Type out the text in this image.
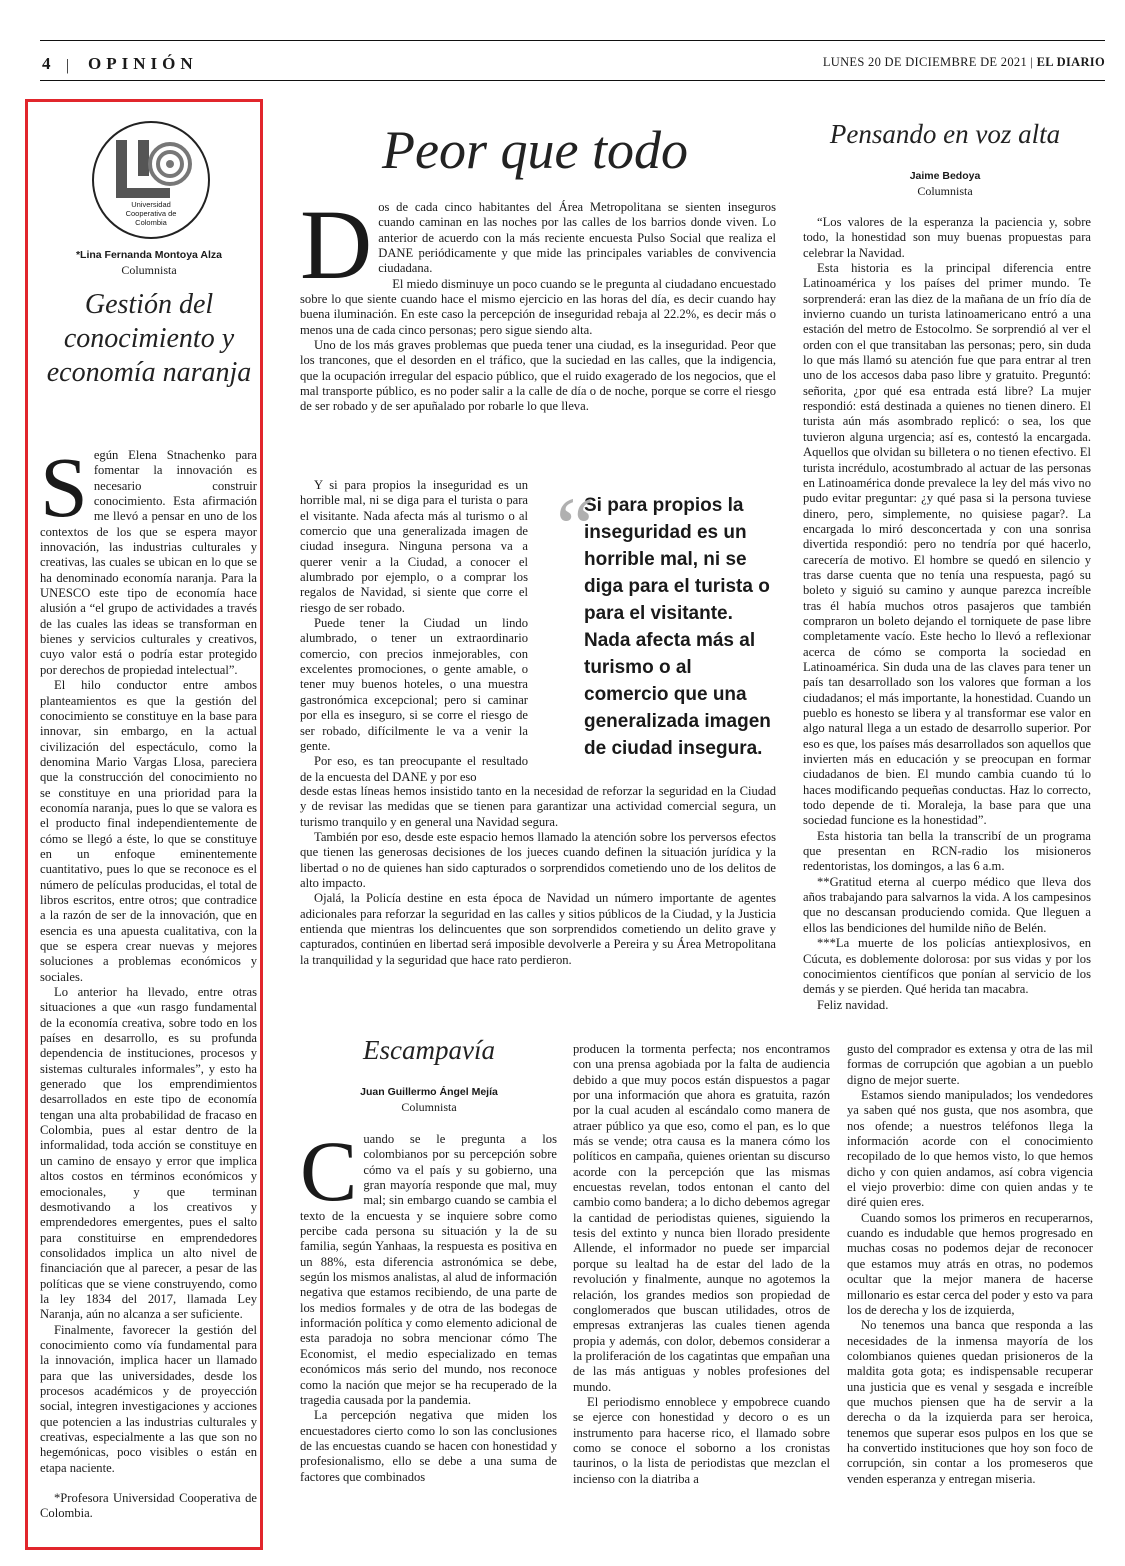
4 | OPINIÓN	LUNES 20 DE DICIEMBRE DE 2021 | EL DIARIO
Universidad Cooperativa de Colombia
*Lina Fernanda Montoya Alza
Columnista
Gestión del conocimiento y economía naranja

Según Elena Stnachenko para fomentar la innovación es necesario construir conocimiento. Esta afirmación me llevó a pensar en uno de los contextos de los que se espera mayor innovación, las industrias culturales y creativas, las cuales se ubican en lo que se ha denominado economía naranja. Para la UNESCO este tipo de economía hace alusión a “el grupo de actividades a través de las cuales las ideas se transforman en bienes y servicios culturales y creativos, cuyo valor está o podría estar protegido por derechos de propiedad intelectual”.

El hilo conductor entre ambos planteamientos es que la gestión del conocimiento se constituye en la base para innovar, sin embargo, en la actual civilización del espectáculo, como la denomina Mario Vargas Llosa, pareciera que la construcción del conocimiento no se constituye en una prioridad para la economía naranja, pues lo que se valora es el producto final independientemente de cómo se llegó a éste, lo que se constituye en un enfoque eminentemente cuantitativo, pues lo que se reconoce es el número de películas producidas, el total de libros escritos, entre otros; que contradice a la razón de ser de la innovación, que en esencia es una apuesta cualitativa, con la que se espera crear nuevas y mejores soluciones a problemas económicos y sociales.

Lo anterior ha llevado, entre otras situaciones a que «un rasgo fundamental de la economía creativa, sobre todo en los países en desarrollo, es su profunda dependencia de instituciones, procesos y sistemas culturales informales”, y esto ha generado que los emprendimientos desarrollados en este tipo de economía tengan una alta probabilidad de fracaso en Colombia, pues al estar dentro de la informalidad, toda acción se constituye en un camino de ensayo y error que implica altos costos en términos económicos y emocionales, y que terminan desmotivando a los creativos y emprendedores emergentes, pues el salto para constituirse en emprendedores consolidados implica un alto nivel de financiación que al parecer, a pesar de las políticas que se viene construyendo, como la ley 1834 del 2017, llamada Ley Naranja, aún no alcanza a ser suficiente.

Finalmente, favorecer la gestión del conocimiento como vía fundamental para la innovación, implica hacer un llamado para que las universidades, desde los procesos académicos y de proyección social, integren investigaciones y acciones que potencien a las industrias culturales y creativas, especialmente a las que son no hegemónicas, poco visibles o están en etapa naciente.

*Profesora Universidad Cooperativa de Colombia.

Peor que todo

Dos de cada cinco habitantes del Área Metropolitana se sienten inseguros cuando caminan en las noches por las calles de los barrios donde viven. Lo anterior de acuerdo con la más reciente encuesta Pulso Social que realiza el DANE periódicamente y que mide las principales variables de convivencia ciudadana.

El miedo disminuye un poco cuando se le pregunta al ciudadano encuestado sobre lo que siente cuando hace el mismo ejercicio en las horas del día, es decir cuando hay buena iluminación. En este caso la percepción de inseguridad rebaja al 22.2%, es decir más o menos una de cada cinco personas; pero sigue siendo alta.

Uno de los más graves problemas que pueda tener una ciudad, es la inseguridad. Peor que los trancones, que el desorden en el tráfico, que la suciedad en las calles, que la indigencia, que la ocupación irregular del espacio público, que el ruido exagerado de los negocios, que el mal transporte público, es no poder salir a la calle de día o de noche, porque se corre el riesgo de ser robado y de ser apuñalado por robarle lo que lleva.

Y si para propios la inseguridad es un horrible mal, ni se diga para el turista o para el visitante. Nada afecta más al turismo o al comercio que una generalizada imagen de ciudad insegura. Ninguna persona va a querer venir a la Ciudad, a conocer el alumbrado por ejemplo, o a comprar los regalos de Navidad, si siente que corre el riesgo de ser robado.

Puede tener la Ciudad un lindo alumbrado, o tener un extraordinario comercio, con precios inmejorables, con excelentes promociones, o gente amable, o tener muy buenos hoteles, o una muestra gastronómica excepcional; pero si caminar por ella es inseguro, si se corre el riesgo de ser robado, difícilmente le va a venir la gente.

Por eso, es tan preocupante el resultado de la encuesta del DANE y por eso

“
Si para propios la inseguridad es un horrible mal, ni se diga para el turista o para el visitante. Nada afecta más al turismo o al comercio que una generalizada imagen de ciudad insegura.

desde estas líneas hemos insistido tanto en la necesidad de reforzar la seguridad en la Ciudad y de revisar las medidas que se tienen para garantizar una actividad comercial segura, un turismo tranquilo y en general una Navidad segura.

También por eso, desde este espacio hemos llamado la atención sobre los perversos efectos que tienen las generosas decisiones de los jueces cuando definen la situación jurídica y la libertad o no de quienes han sido capturados o sorprendidos cometiendo uno de los delitos de alto impacto.

Ojalá, la Policía destine en esta época de Navidad un número importante de agentes adicionales para reforzar la seguridad en las calles y sitios públicos de la Ciudad, y la Justicia entienda que mientras los delincuentes que son sorprendidos cometiendo un delito grave y capturados, continúen en libertad será imposible devolverle a Pereira y su Área Metropolitana la tranquilidad y la seguridad que hace rato perdieron.

Pensando en voz alta
Jaime Bedoya
Columnista

“Los valores de la esperanza la paciencia y, sobre todo, la honestidad son muy buenas propuestas para celebrar la Navidad.

Esta historia es la principal diferencia entre Latinoamérica y los países del primer mundo. Te sorprenderá: eran las diez de la mañana de un frío día de invierno cuando un turista latinoamericano entró a una estación del metro de Estocolmo. Se sorprendió al ver el orden con el que transitaban las personas; pero, sin duda lo que más llamó su atención fue que para entrar al tren uno de los accesos daba paso libre y gratuito. Preguntó: señorita, ¿por qué esa entrada está libre? La mujer respondió: está destinada a quienes no tienen dinero. El turista aún más asombrado replicó: o sea, los que tuvieron alguna urgencia; así es, contestó la encargada. Aquellos que olvidan su billetera o no tienen efectivo. El turista incrédulo, acostumbrado al actuar de las personas en Latinoamérica donde prevalece la ley del más vivo no pudo evitar preguntar: ¿y qué pasa si la persona tuviese dinero, pero, simplemente, no quisiese pagar?. La encargada lo miró desconcertada y con una sonrisa divertida respondió: pero no tendría por qué hacerlo, carecería de motivo. El hombre se quedó en silencio y tras darse cuenta que no tenía una respuesta, pagó su boleto y siguió su camino y aunque parezca increíble tras él había muchos otros pasajeros que también compraron un boleto dejando el torniquete de pase libre completamente vacío. Este hecho lo llevó a reflexionar acerca de cómo se comporta la sociedad en Latinoamérica. Sin duda una de las claves para tener un país tan desarrollado son los valores que forman a los ciudadanos; el más importante, la honestidad. Cuando un pueblo es honesto se libera y al transformar ese valor en algo natural llega a un estado de desarrollo superior. Por eso es que, los países más desarrollados son aquellos que invierten más en educación y se preocupan en formar ciudadanos de bien. El mundo cambia cuando tú lo haces modificando pequeñas conductas. Haz lo correcto, todo depende de ti. Moraleja, la base para que una sociedad funcione es la honestidad”.

Esta historia tan bella la transcribí de un programa que presentan en RCN-radio los misioneros redentoristas, los domingos, a las 6 a.m.

**Gratitud eterna al cuerpo médico que lleva dos años trabajando para salvarnos la vida. A los campesinos que no descansan produciendo comida. Que lleguen a ellos las bendiciones del humilde niño de Belén.

***La muerte de los policías antiexplosivos, en Cúcuta, es doblemente dolorosa: por sus vidas y por los conocimientos científicos que ponían al servicio de los demás y se pierden. Qué herida tan macabra.

Feliz navidad.

Escampavía
Juan Guillermo Ángel Mejía
Columnista

Cuando se le pregunta a los colombianos por su percepción sobre cómo va el país y su gobierno, una gran mayoría responde que mal, muy mal; sin embargo cuando se cambia el texto de la encuesta y se inquiere sobre como percibe cada persona su situación y la de su familia, según Yanhaas, la respuesta es positiva en un 88%, esta diferencia astronómica se debe, según los mismos analistas, al alud de información negativa que estamos recibiendo, de una parte de los medios formales y de otra de las bodegas de información política y como elemento adicional de esta paradoja no sobra mencionar cómo The Economist, el medio especializado en temas económicos más serio del mundo, nos reconoce como la nación que mejor se ha recuperado de la tragedia causada por la pandemia.

La percepción negativa que miden los encuestadores cierto como lo son las conclusiones de las encuestas cuando se hacen con honestidad y profesionalismo, ello se debe a una suma de factores que combinados

producen la tormenta perfecta; nos encontramos con una prensa agobiada por la falta de audiencia debido a que muy pocos están dispuestos a pagar por una información que ahora es gratuita, razón por la cual acuden al escándalo como manera de atraer público ya que eso, como el pan, es lo que más se vende; otra causa es la manera cómo los políticos en campaña, quienes orientan su discurso acorde con la percepción que las mismas encuestas revelan, todos entonan el canto del cambio como bandera; a lo dicho debemos agregar la cantidad de periodistas quienes, siguiendo la tesis del extinto y nunca bien llorado presidente Allende, el informador no puede ser imparcial porque su lealtad ha de estar del lado de la revolución y finalmente, aunque no agotemos la relación, los grandes medios son propiedad de conglomerados que buscan utilidades, otros de empresas extranjeras las cuales tienen agenda propia y además, con dolor, debemos considerar a la proliferación de los cagatintas que empañan una de las más antiguas y nobles profesiones del mundo.

El periodismo ennoblece y empobrece cuando se ejerce con honestidad y decoro o es un instrumento para hacerse rico, el llamado sobre como se conoce el soborno a los cronistas taurinos, o la lista de periodistas que mezclan el incienso con la diatriba a

gusto del comprador es extensa y otra de las mil formas de corrupción que agobian a un pueblo digno de mejor suerte.

Estamos siendo manipulados; los vendedores ya saben qué nos gusta, que nos asombra, que nos ofende; a nuestros teléfonos llega la información acorde con el conocimiento recopilado de lo que hemos visto, lo que hemos dicho y con quien andamos, así cobra vigencia el viejo proverbio: dime con quien andas y te diré quien eres.

Cuando somos los primeros en recuperarnos, cuando es indudable que hemos progresado en muchas cosas no podemos dejar de reconocer que estamos muy atrás en otras, no podemos ocultar que la mejor manera de hacerse millonario es estar cerca del poder y esto va para los de derecha y los de izquierda,

No tenemos una banca que responda a las necesidades de la inmensa mayoría de los colombianos quienes quedan prisioneros de la maldita gota gota; es indispensable recuperar una justicia que es venal y sesgada e increíble que muchos piensen que ha de servir a la derecha o da la izquierda para ser heroica, tenemos que superar esos pulpos en los que se ha convertido instituciones que hoy son foco de corrupción, sin contar a los promeseros que venden esperanza y entregan miseria.
